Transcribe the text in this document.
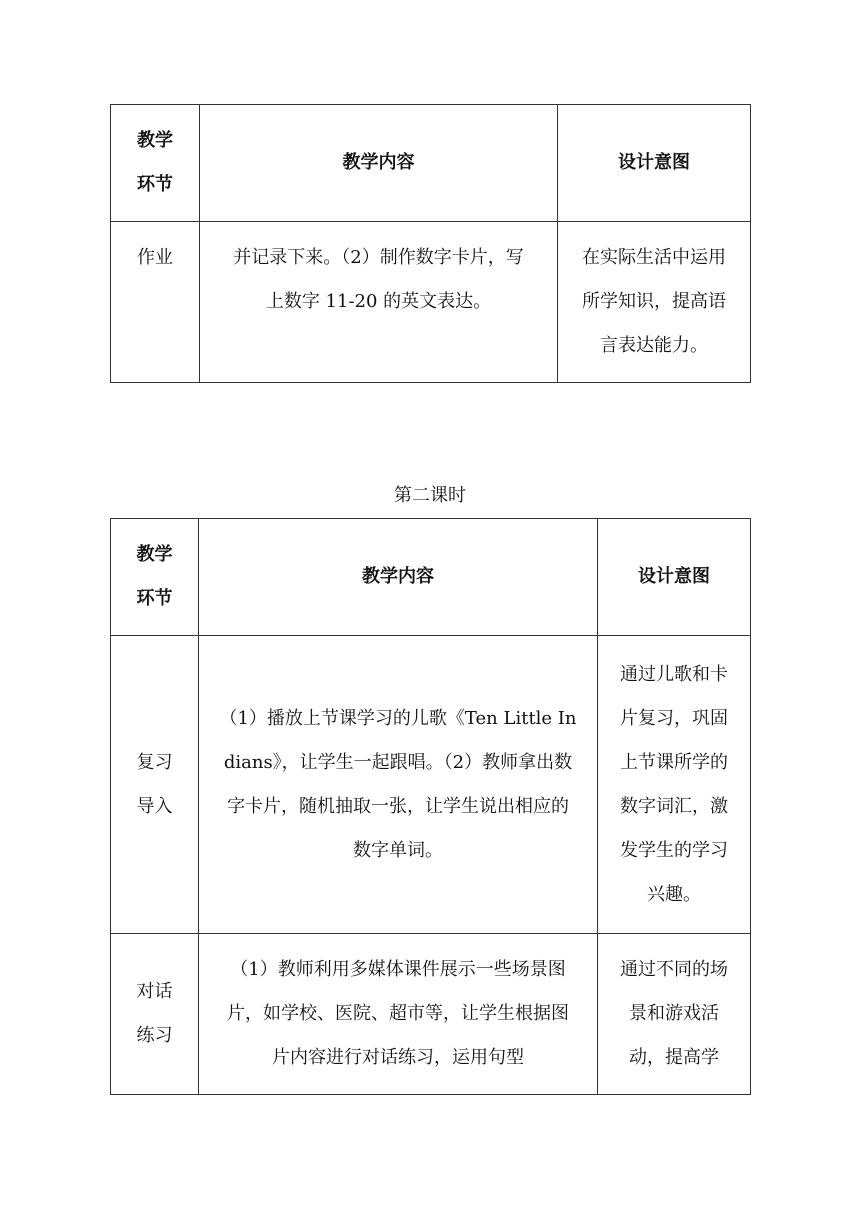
教学
环节	教学内容	设计意图
作业	并记录下来。（2）制作数字卡片，写上数字 11-20 的英文表达。	在实际生活中运用所学知识，提高语言表达能力。
第二课时
教学
环节	教学内容	设计意图

复习
导入	（1）播放上节课学习的儿歌《Ten Little Indians》，让学生一起跟唱。（2）教师拿出数字卡片，随机抽取一张，让学生说出相应的数字单词。	通过儿歌和卡片复习，巩固上节课所学的数字词汇，激发学生的学习兴趣。

对话
练习	（1）教师利用多媒体课件展示一些场景图片，如学校、医院、超市等，让学生根据图片内容进行对话练习，运用句型	通过不同的场景和游戏活动，提高学
